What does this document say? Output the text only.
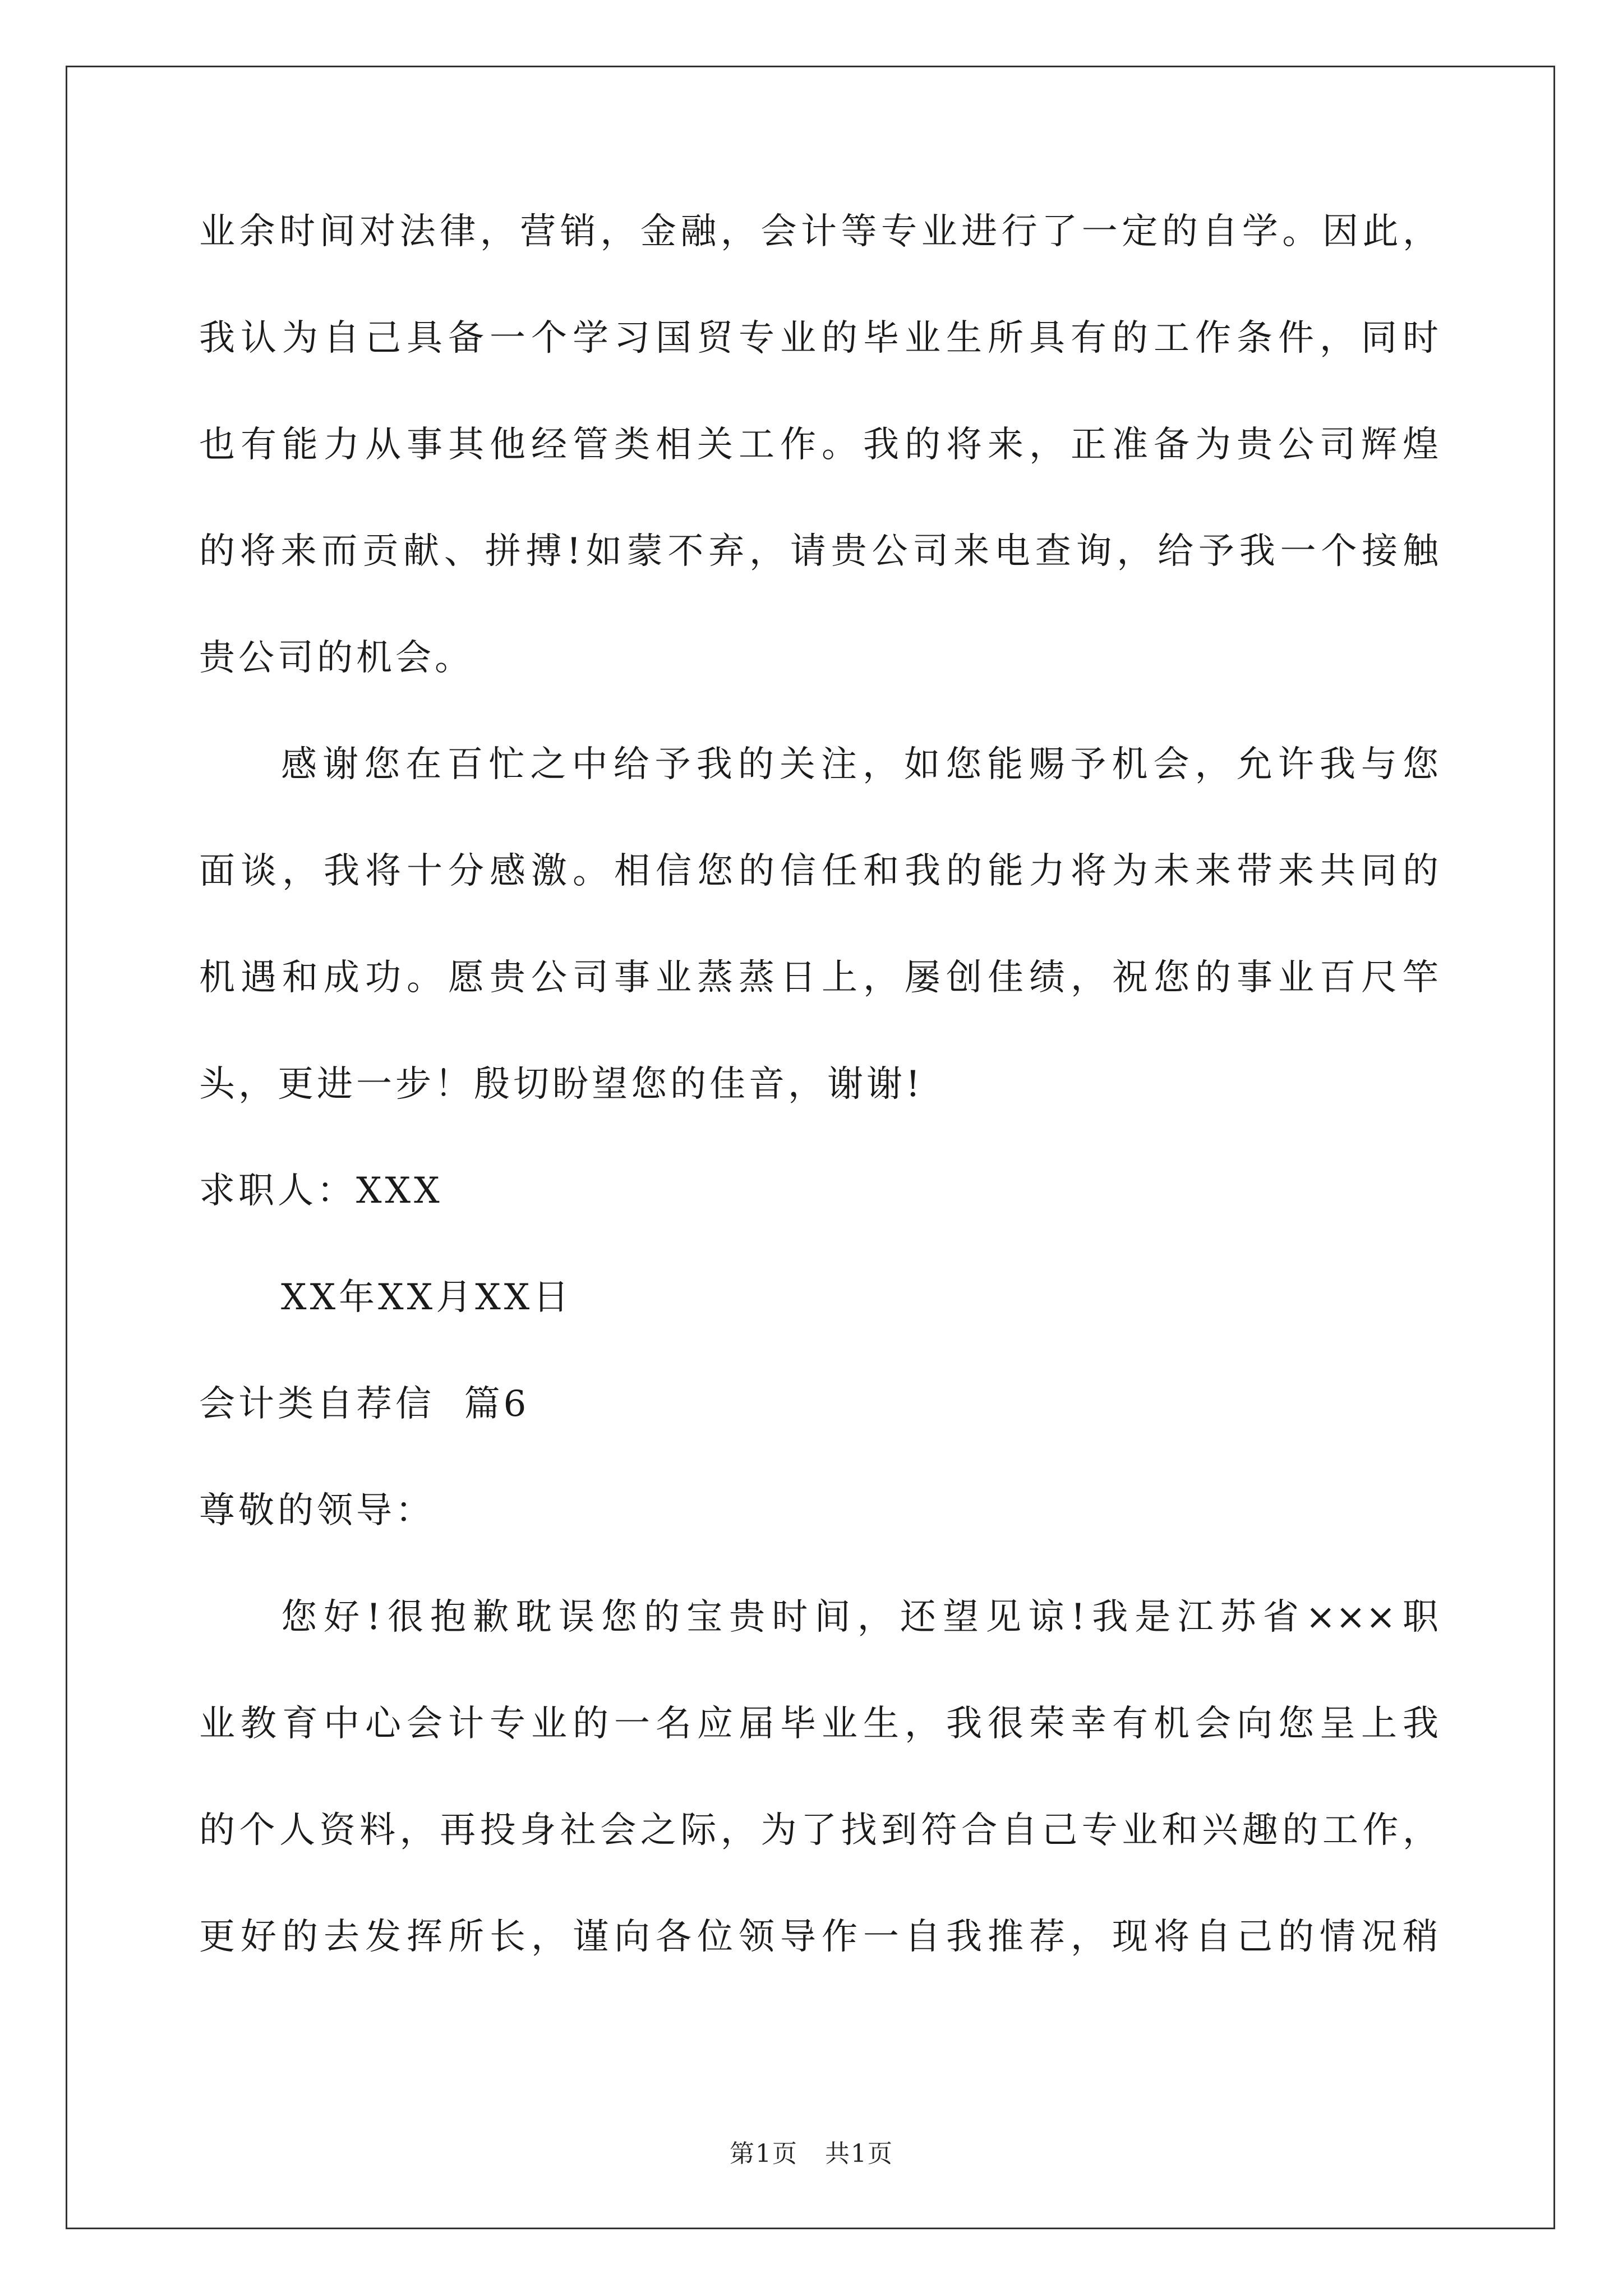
业余时间对法律，营销，金融，会计等专业进行了一定的自学。因此，
我认为自己具备一个学习国贸专业的毕业生所具有的工作条件，同时
也有能力从事其他经管类相关工作。我的将来，正准备为贵公司辉煌
的将来而贡献、拼搏!如蒙不弃，请贵公司来电查询，给予我一个接触
贵公司的机会。
感谢您在百忙之中给予我的关注，如您能赐予机会，允许我与您
面谈，我将十分感激。相信您的信任和我的能力将为未来带来共同的
机遇和成功。愿贵公司事业蒸蒸日上，屡创佳绩，祝您的事业百尺竿
头，更进一步！殷切盼望您的佳音，谢谢!
求职人：XXX
XX年XX月XX日
会计类自荐信  篇6
尊敬的领导：
您好!很抱歉耽误您的宝贵时间，还望见谅!我是江苏省×××职
业教育中心会计专业的一名应届毕业生，我很荣幸有机会向您呈上我
的个人资料，再投身社会之际，为了找到符合自己专业和兴趣的工作，
更好的去发挥所长，谨向各位领导作一自我推荐，现将自己的情况稍
第1页   共1页
